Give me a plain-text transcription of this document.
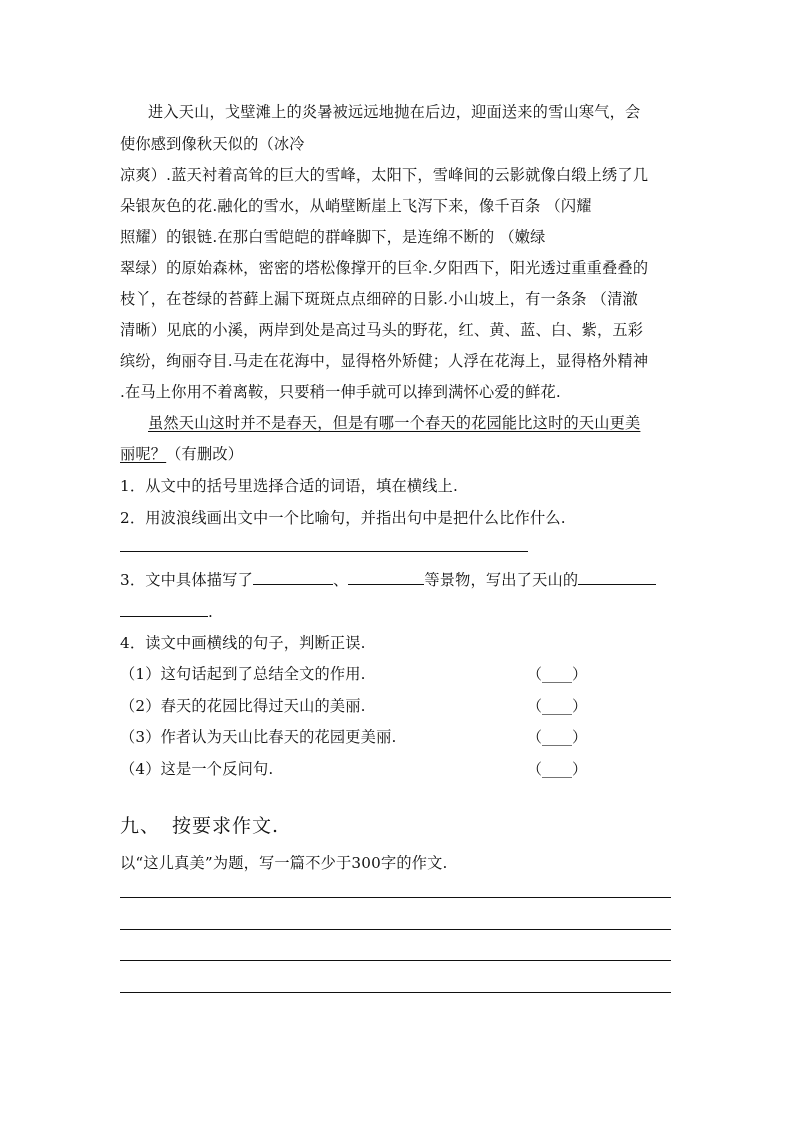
进入天山，戈壁滩上的炎暑被远远地抛在后边，迎面送来的雪山寒气，会
使你感到像秋天似的（冰冷
凉爽）.蓝天衬着高耸的巨大的雪峰，太阳下，雪峰间的云影就像白缎上绣了几
朵银灰色的花.融化的雪水，从峭壁断崖上飞泻下来，像千百条 （闪耀
照耀）的银链.在那白雪皑皑的群峰脚下，是连绵不断的 （嫩绿
翠绿）的原始森林，密密的塔松像撑开的巨伞.夕阳西下，阳光透过重重叠叠的
枝丫，在苍绿的苔藓上漏下斑斑点点细碎的日影.小山坡上，有一条条 （清澈
清晰）见底的小溪，两岸到处是高过马头的野花，红、黄、蓝、白、紫，五彩
缤纷，绚丽夺目.马走在花海中，显得格外矫健；人浮在花海上，显得格外精神
.在马上你用不着离鞍，只要稍一伸手就可以捧到满怀心爱的鲜花.
虽然天山这时并不是春天，但是有哪一个春天的花园能比这时的天山更美
丽呢？（有删改）
1．从文中的括号里选择合适的词语，填在横线上.
2．用波浪线画出文中一个比喻句，并指出句中是把什么比作什么.
3．文中具体描写了	、	等景物，写出了天山的
.
4．读文中画横线的句子，判断正误.
（1）这句话起到了总结全文的作用.	（____）
（2）春天的花园比得过天山的美丽.	（____）
（3）作者认为天山比春天的花园更美丽.	（____）
（4）这是一个反问句.	（____）
九、 按要求作文.
以“这儿真美”为题，写一篇不少于300字的作文.
